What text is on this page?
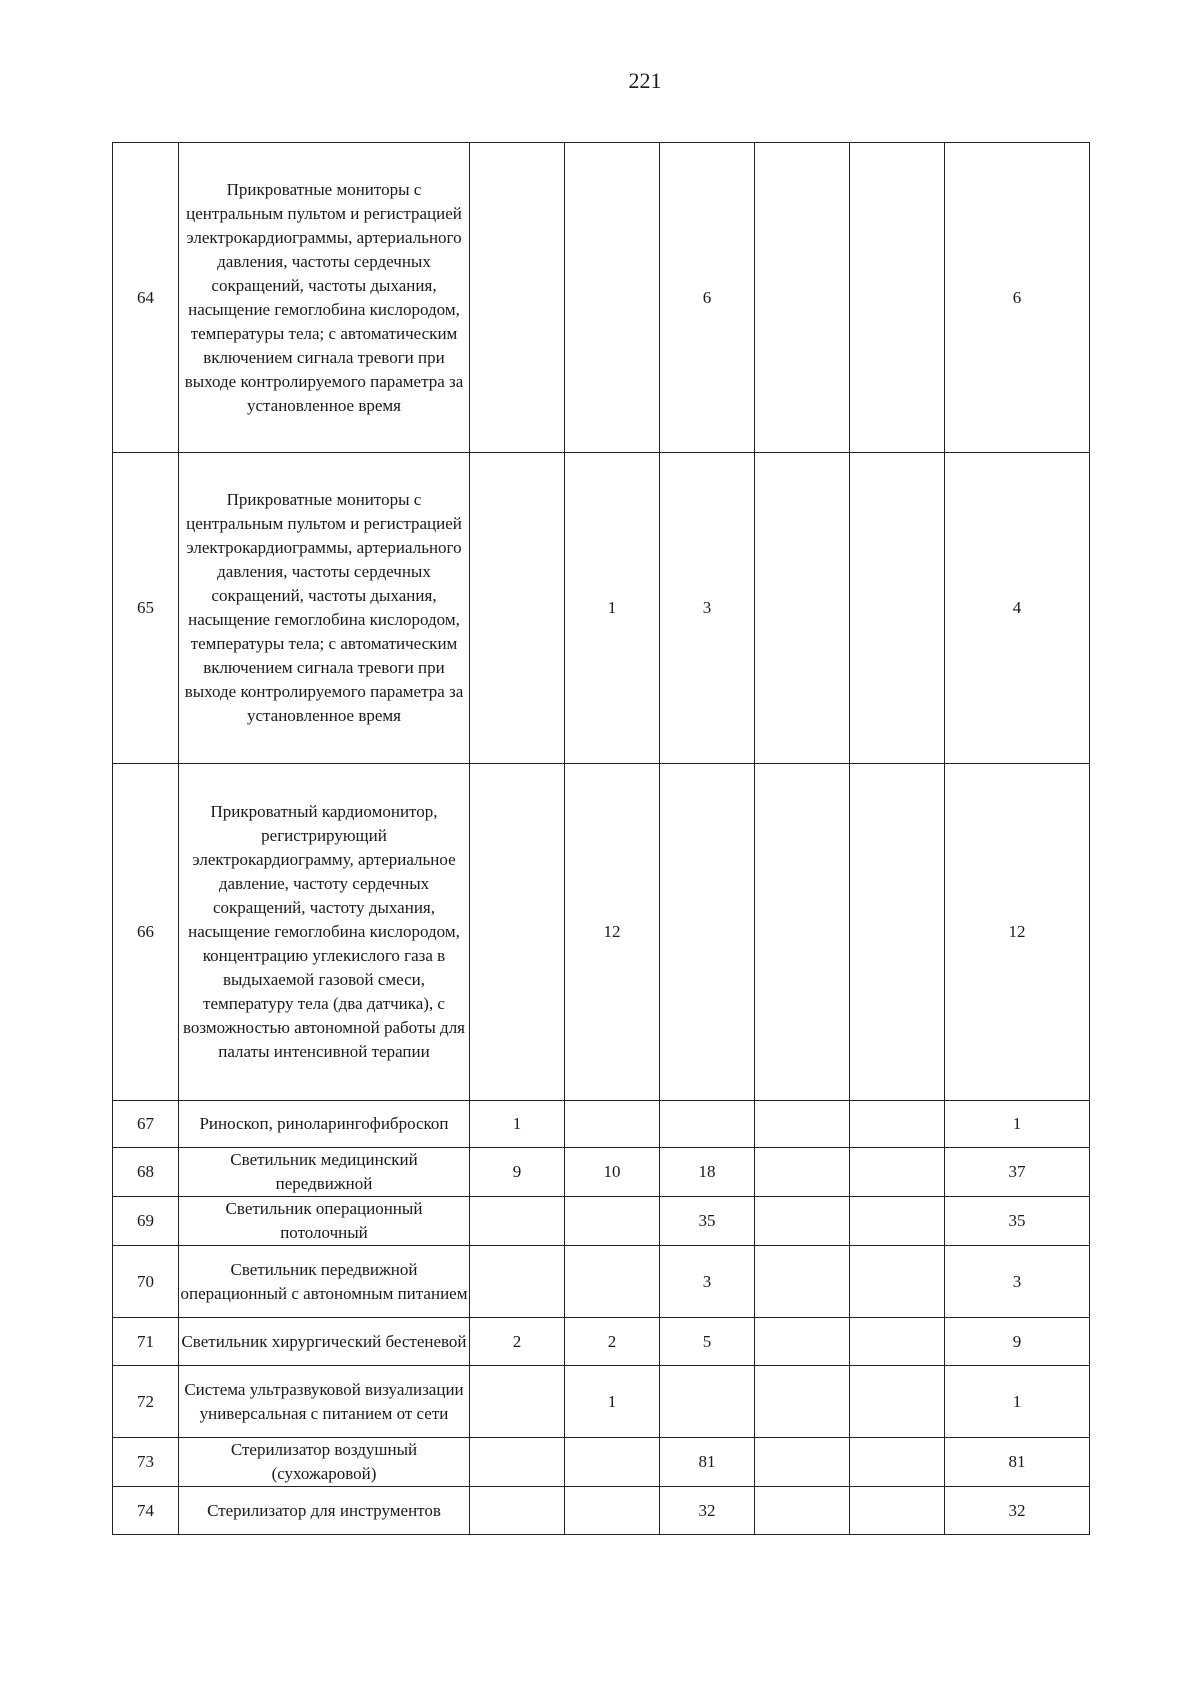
221
64	Прикроватные мониторы с центральным пультом и регистрацией электрокардиограммы, артериального давления, частоты сердечных сокращений, частоты дыхания, насыщение гемоглобина кислородом, температуры тела; с автоматическим включением сигнала тревоги при выходе контролируемого параметра за установленное время			6			6
65	Прикроватные мониторы с центральным пультом и регистрацией электрокардиограммы, артериального давления, частоты сердечных сокращений, частоты дыхания, насыщение гемоглобина кислородом, температуры тела; с автоматическим включением сигнала тревоги при выходе контролируемого параметра за установленное время		1	3			4
66	Прикроватный кардиомонитор, регистрирующий электрокардиограмму, артериальное давление, частоту сердечных сокращений, частоту дыхания, насыщение гемоглобина кислородом, концентрацию углекислого газа в выдыхаемой газовой смеси, температуру тела (два датчика), с возможностью автономной работы для палаты интенсивной терапии		12				12
67	Риноскоп, риноларингофиброскоп	1					1
68	Светильник медицинский передвижной	9	10	18			37
69	Светильник операционный потолочный			35			35
70	Светильник передвижной операционный с автономным питанием			3			3
71	Светильник хирургический бестеневой	2	2	5			9
72	Система ультразвуковой визуализации универсальная с питанием от сети		1				1
73	Стерилизатор воздушный (сухожаровой)			81			81
74	Стерилизатор для инструментов			32			32
